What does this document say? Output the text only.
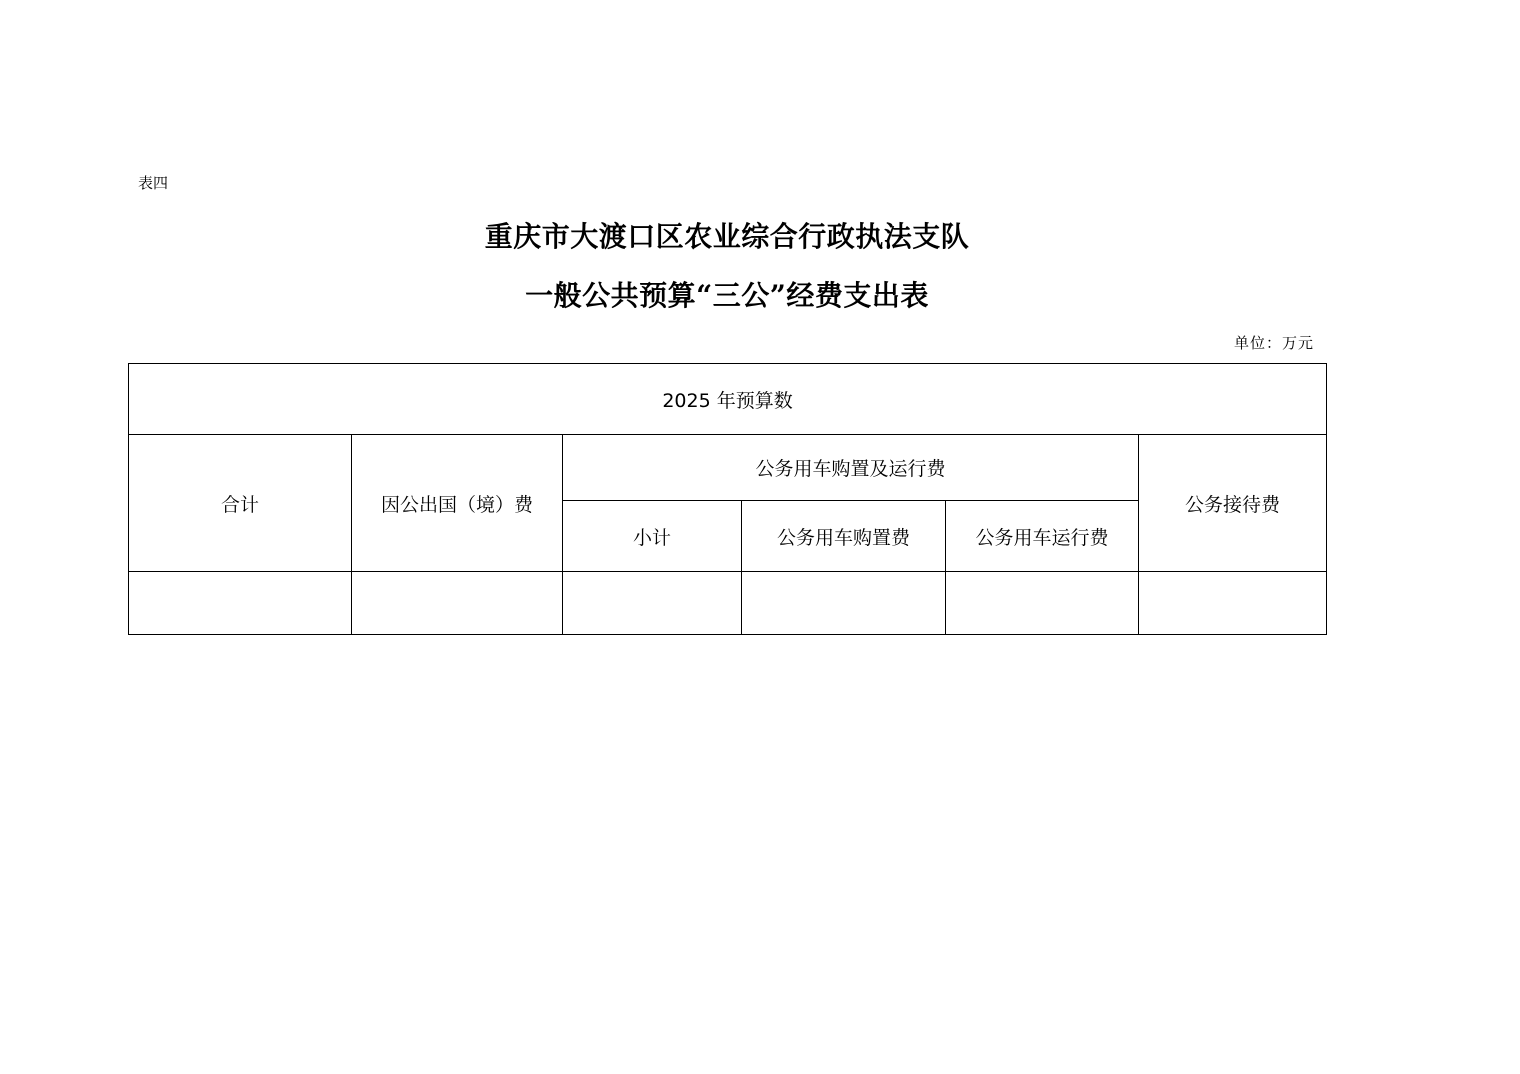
表四
重庆市大渡口区农业综合行政执法支队
一般公共预算“三公”经费支出表
单位：万元
2025 年预算数					
合计	因公出国（境）费	公务用车购置及运行费			公务接待费
		小计	公务用车购置费	公务用车运行费	
